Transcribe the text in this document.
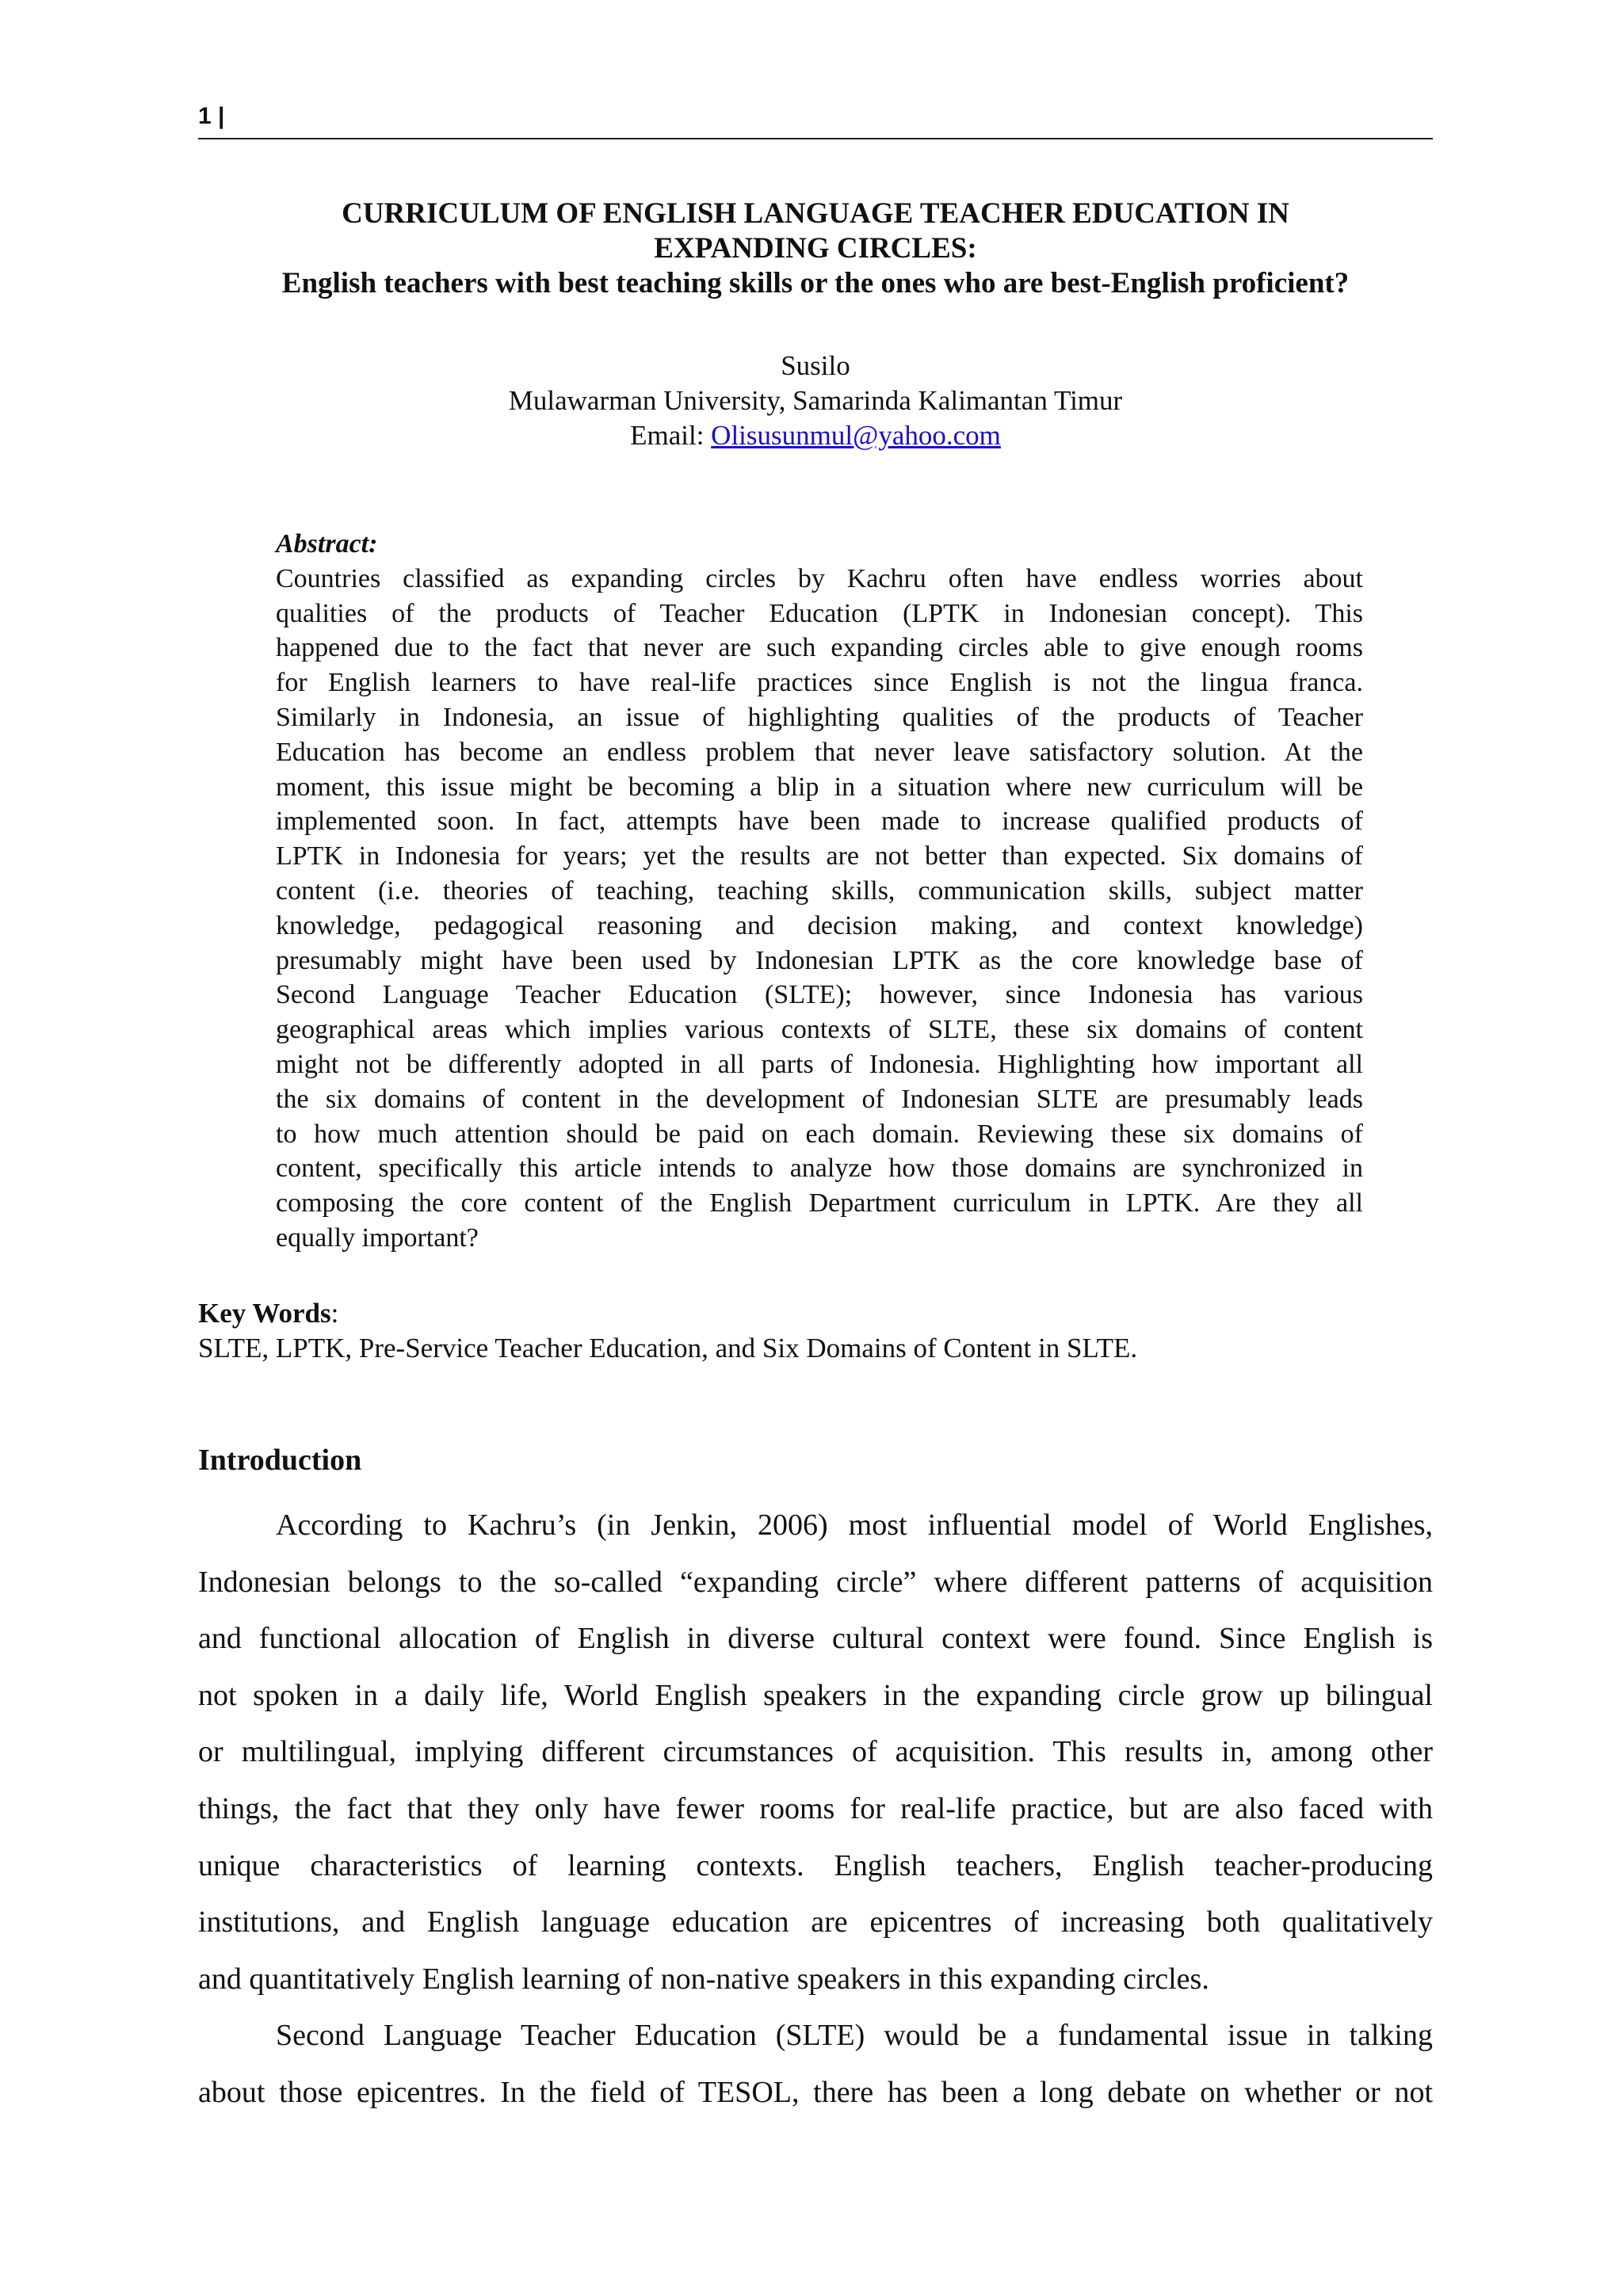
1 |
CURRICULUM OF ENGLISH LANGUAGE TEACHER EDUCATION IN
EXPANDING CIRCLES:
English teachers with best teaching skills or the ones who are best-English proficient?
Susilo
Mulawarman University, Samarinda Kalimantan Timur
Email: Olisusunmul@yahoo.com
Abstract:

Countries classified as expanding circles by Kachru often have endless worries about

qualities of the products of Teacher Education (LPTK in Indonesian concept). This

happened due to the fact that never are such expanding circles able to give enough rooms

for English learners to have real-life practices since English is not the lingua franca.

Similarly in Indonesia, an issue of highlighting qualities of the products of Teacher

Education has become an endless problem that never leave satisfactory solution. At the

moment, this issue might be becoming a blip in a situation where new curriculum will be

implemented soon. In fact, attempts have been made to increase qualified products of

LPTK in Indonesia for years; yet the results are not better than expected. Six domains of

content (i.e. theories of teaching, teaching skills, communication skills, subject matter

knowledge, pedagogical reasoning and decision making, and context knowledge)

presumably might have been used by Indonesian LPTK as the core knowledge base of

Second Language Teacher Education (SLTE); however, since Indonesia has various

geographical areas which implies various contexts of SLTE, these six domains of content

might not be differently adopted in all parts of Indonesia. Highlighting how important all

the six domains of content in the development of Indonesian SLTE are presumably leads

to how much attention should be paid on each domain. Reviewing these six domains of

content, specifically this article intends to analyze how those domains are synchronized in

composing the core content of the English Department curriculum in LPTK. Are they all

equally important?

Key Words:
SLTE, LPTK, Pre-Service Teacher Education, and Six Domains of Content in SLTE.
Introduction

According to Kachru’s (in Jenkin, 2006) most influential model of World Englishes,

Indonesian belongs to the so-called “expanding circle” where different patterns of acquisition

and functional allocation of English in diverse cultural context were found. Since English is

not spoken in a daily life, World English speakers in the expanding circle grow up bilingual

or multilingual, implying different circumstances of acquisition. This results in, among other

things, the fact that they only have fewer rooms for real-life practice, but are also faced with

unique characteristics of learning contexts. English teachers, English teacher-producing

institutions, and English language education are epicentres of increasing both qualitatively

and quantitatively English learning of non-native speakers in this expanding circles.

Second Language Teacher Education (SLTE) would be a fundamental issue in talking

about those epicentres. In the field of TESOL, there has been a long debate on whether or not
